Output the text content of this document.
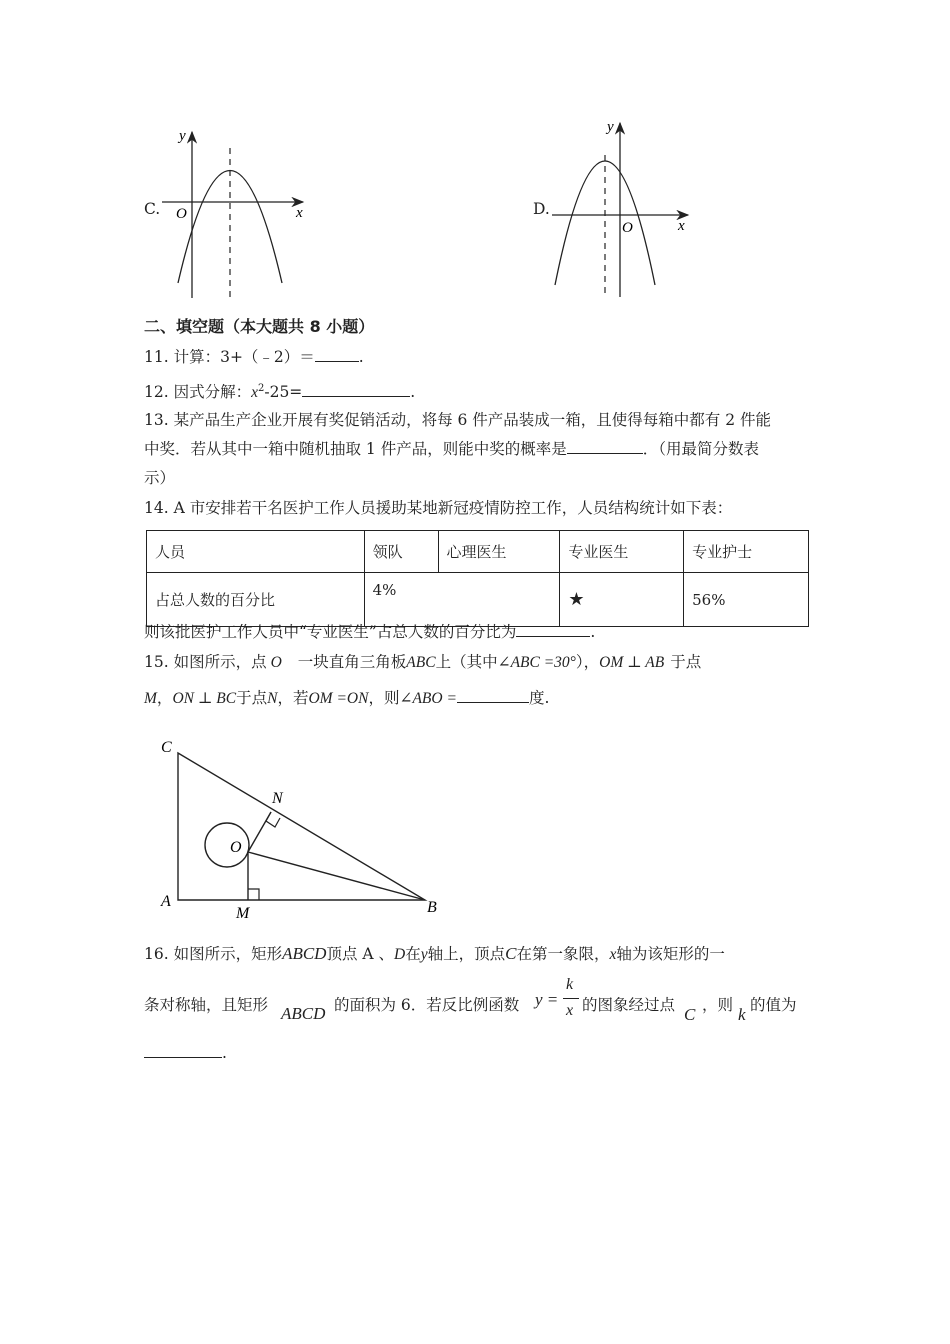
C.
y
x
O	D.
y
x
O
二、填空题（本大题共 8 小题）
11. 计算：3+（﹣2）＝	.
12. 因式分解：$x^2-25=$	.
13. 某产品生产企业开展有奖促销活动，将每 6 件产品装成一箱，且使得每箱中都有 2 件能
中奖．若从其中一箱中随机抽取 1 件产品，则能中奖的概率是	．（用最简分数表
示）
14. A 市安排若干名医护工作人员援助某地新冠疫情防控工作，人员结构统计如下表：
人员	领队	心理医生	专业医生	专业护士
占总人数的百分比	4%		★	56%
则该批医护工作人员中“专业医生”占总人数的百分比为	.
15. 如图所示，点 O 一块直角三角板ABC上（其中∠ABC =30°），OM ⊥ AB 于点
M，ON ⊥ BC于点N，若OM =ON，则∠ABO =	度.
C
A
M	B
N
O
16. 如图所示，矩形ABCD顶点 A 、D在y轴上，顶点C在第一象限，x轴为该矩形的一
条对称轴，且矩形 ABCD 的面积为 6．若反比例函数 y =
k
x 的图象经过点 C ，则 k 的值为
.
